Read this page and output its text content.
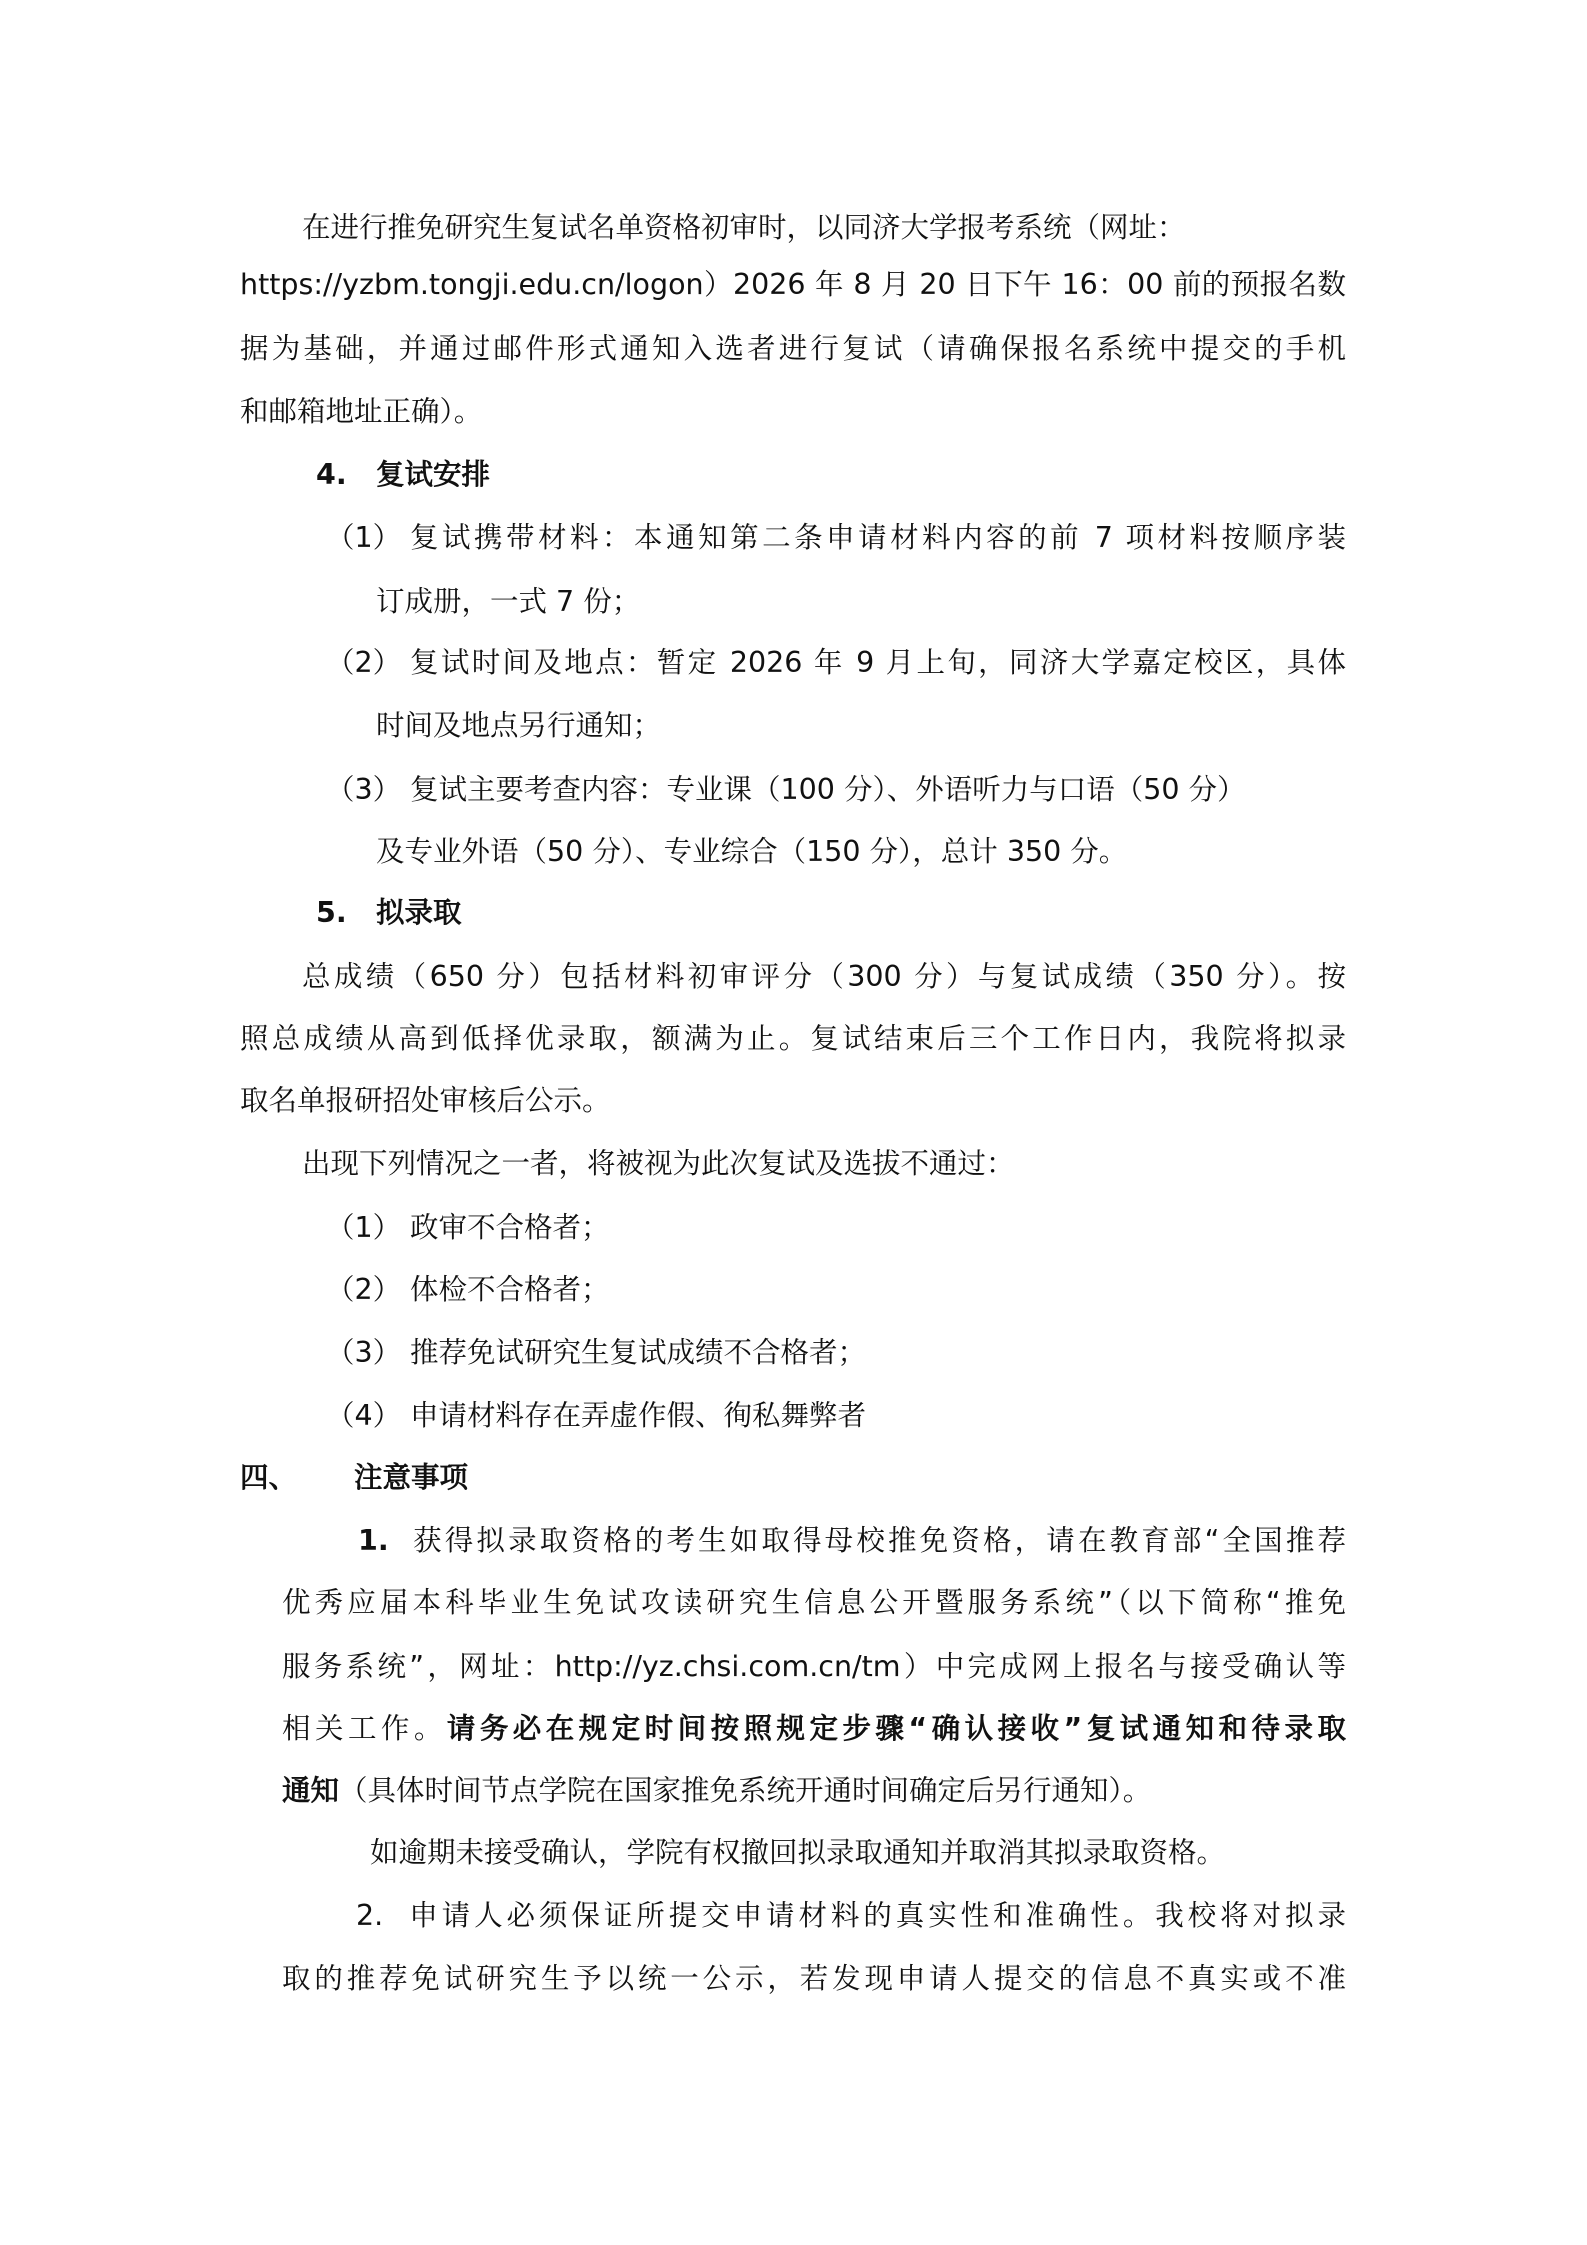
在进行推免研究生复试名单资格初审时，以同济大学报考系统（网址：
https://yzbm.tongji.edu.cn/logon）2026 年 8 月 20 日下午 16：00 前的预报名数
据为基础，并通过邮件形式通知入选者进行复试（请确保报名系统中提交的手机
和邮箱地址正确）。
4. 复试安排
（1） 复试携带材料：本通知第二条申请材料内容的前 7 项材料按顺序装
订成册，一式 7 份；
（2） 复试时间及地点：暂定 2026 年 9 月上旬，同济大学嘉定校区，具体
时间及地点另行通知；
（3） 复试主要考查内容：专业课（100 分）、外语听力与口语（50 分）
及专业外语（50 分）、专业综合（150 分），总计 350 分。
5. 拟录取
总成绩（650 分）包括材料初审评分（300 分）与复试成绩（350 分）。按
照总成绩从高到低择优录取，额满为止。复试结束后三个工作日内，我院将拟录
取名单报研招处审核后公示。
出现下列情况之一者，将被视为此次复试及选拔不通过：
（1） 政审不合格者；
（2） 体检不合格者；
（3） 推荐免试研究生复试成绩不合格者；
（4） 申请材料存在弄虚作假、徇私舞弊者
四、 注意事项
1. 获得拟录取资格的考生如取得母校推免资格，请在教育部“全国推荐
优秀应届本科毕业生免试攻读研究生信息公开暨服务系统”（以下简称“推免
服务系统”，网址：http://yz.chsi.com.cn/tm）中完成网上报名与接受确认等
相关工作。请务必在规定时间按照规定步骤“确认接收”复试通知和待录取
通知（具体时间节点学院在国家推免系统开通时间确定后另行通知）。
如逾期未接受确认，学院有权撤回拟录取通知并取消其拟录取资格。
2. 申请人必须保证所提交申请材料的真实性和准确性。我校将对拟录
取的推荐免试研究生予以统一公示，若发现申请人提交的信息不真实或不准
